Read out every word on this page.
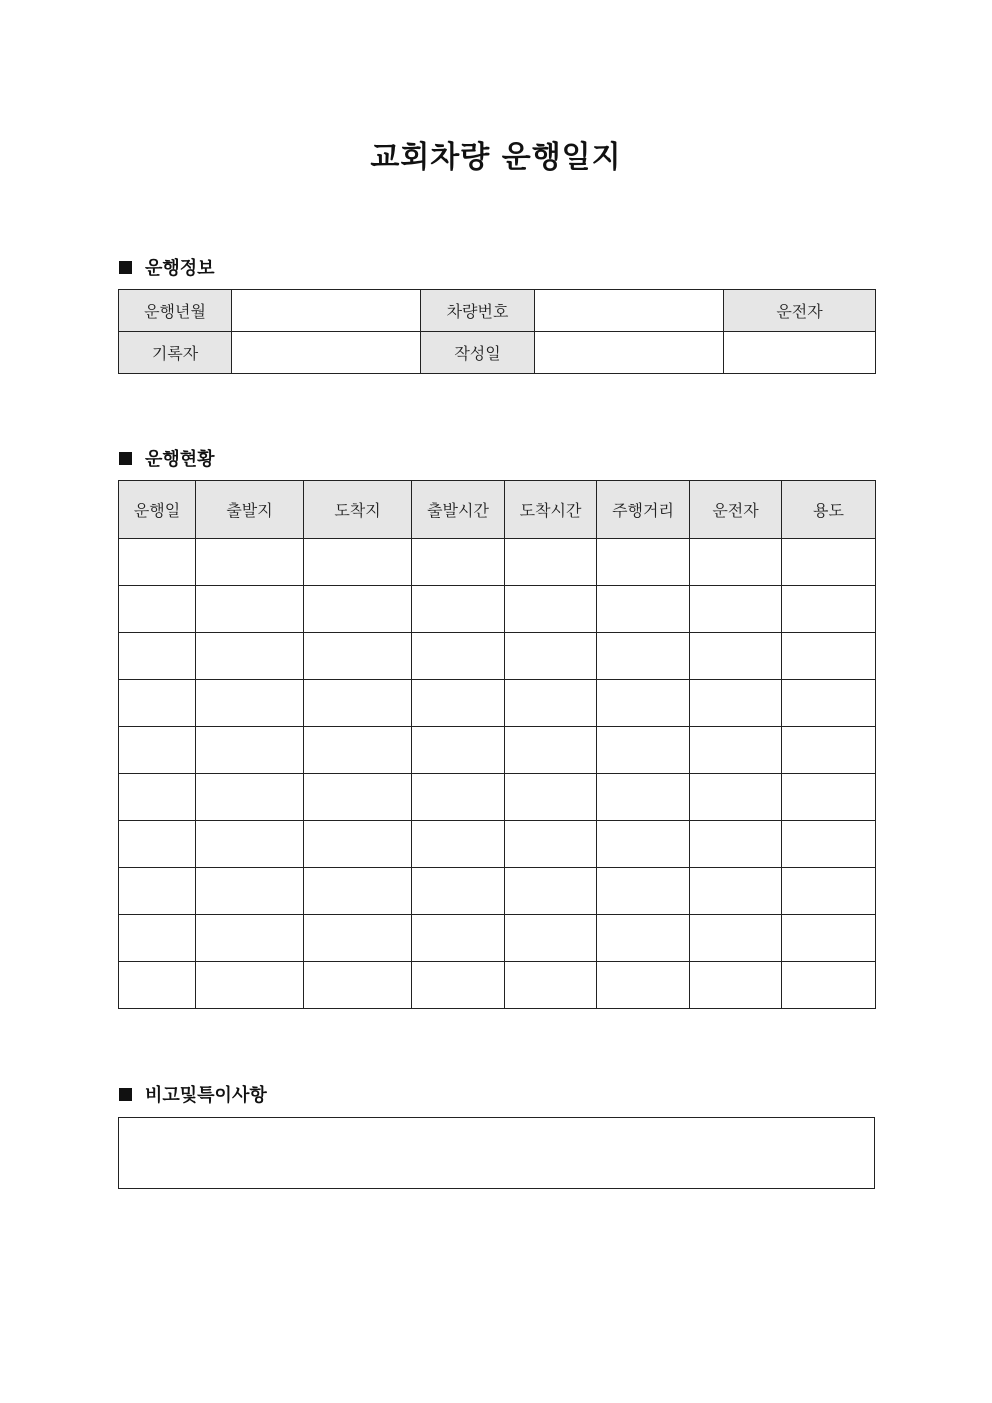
교회차량 운행일지
운행정보
운행년월		차량번호		운전자
기록자		작성일		
운행현황
운행일	출발지	도착지	출발시간	도착시간	주행거리	운전자	용도

비고및특이사항
